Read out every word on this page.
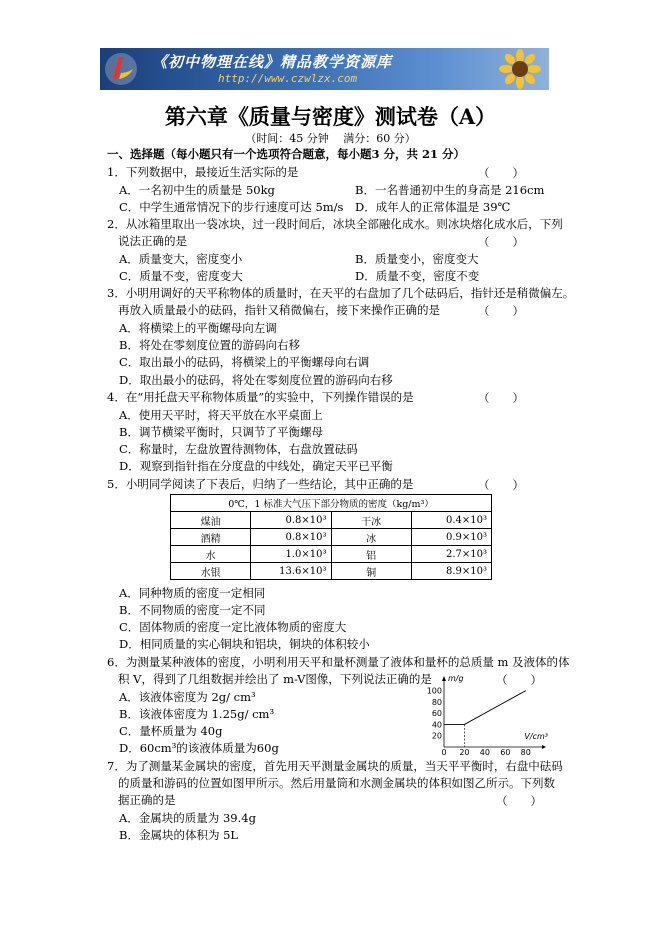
《初中物理在线》精品教学资源库
http://www.czwlzx.com
第六章《质量与密度》测试卷（A）
（时间：45 分钟　 满分：60 分）
一、选择题（每小题只有一个选项符合题意，每小题3 分，共 21 分）
1．下列数据中，最接近生活实际的是	（　　）
A．一名初中生的质量是 50kg	B．一名普通初中生的身高是 216cm
C．中学生通常情况下的步行速度可达 5m/s D．成年人的正常体温是 39℃
2．从冰箱里取出一袋冰块，过一段时间后，冰块全部融化成水。则冰块熔化成水后，下列
说法正确的是	（　　）
A．质量变大，密度变小	B．质量变小，密度变大
C．质量不变，密度变大	D．质量不变，密度不变
3．小明用调好的天平称物体的质量时，在天平的右盘加了几个砝码后，指针还是稍微偏左。
再放入质量最小的砝码，指针又稍微偏右，接下来操作正确的是	（　　）
A．将横梁上的平衡螺母向左调
B．将处在零刻度位置的游码向右移
C．取出最小的砝码，将横梁上的平衡螺母向右调
D．取出最小的砝码，将处在零刻度位置的游码向右移
4．在“用托盘天平称物体质量”的实验中，下列操作错误的是	（　　）
A．使用天平时，将天平放在水平桌面上
B．调节横梁平衡时，只调节了平衡螺母
C．称量时，左盘放置待测物体，右盘放置砝码
D．观察到指针指在分度盘的中线处，确定天平已平衡
5．小明同学阅读了下表后，归纳了一些结论，其中正确的是	（　　）
0℃，1 标准大气压下部分物质的密度（kg/m³）			
煤油	0.8×10³	干冰	0.4×10³
酒精	0.8×10³	冰	0.9×10³
水	1.0×10³	铝	2.7×10³
水银	13.6×10³	铜	8.9×10³
A．同种物质的密度一定相同
B．不同物质的密度一定不同
C．固体物质的密度一定比液体物质的密度大
D．相同质量的实心铜块和铝块，铜块的体积较小
6．为测量某种液体的密度，小明利用天平和量杯测量了液体和量杯的总质量 m 及液体的体
积 V，得到了几组数据并绘出了 m-V图像，下列说法正确的是	（　　）
A．该液体密度为 2g/ cm³
B．该液体密度为 1.25g/ cm³
C．量杯质量为 40g
D．60cm³的该液体质量为60g	0 20 40 60 80
20
40
60
80
100
m/g
V/cm³
7．为了测量某金属块的密度，首先用天平测量金属块的质量，当天平平衡时，右盘中砝码
的质量和游码的位置如图甲所示。然后用量筒和水测金属块的体积如图乙所示。下列数
据正确的是	（　　）
A．金属块的质量为 39.4g
B．金属块的体积为 5L
